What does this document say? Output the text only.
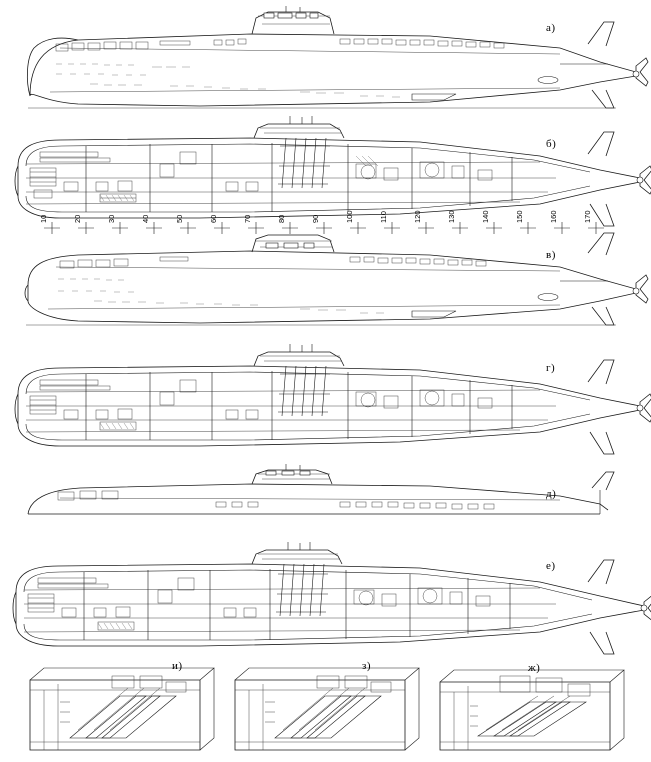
a)
б)
10	20	30	40	50	60	70	80	90	100	110	120	130	140	150	160	170
в)
г)
д)
е)
и)	з)	ж)
